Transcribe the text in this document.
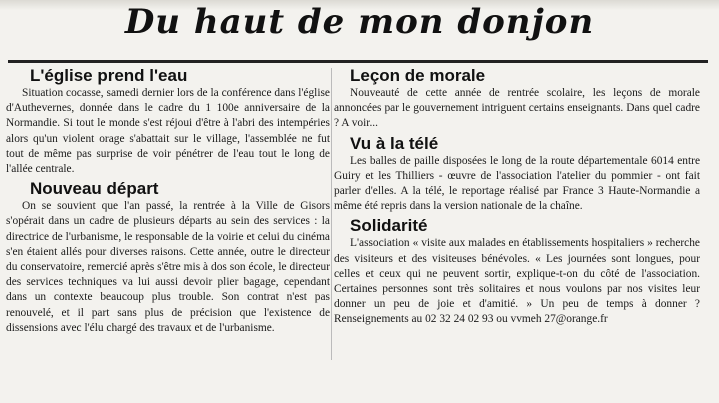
Du haut de mon donjon
L'église prend l'eau

Situation cocasse, samedi dernier lors de la conférence dans l'église d'Authevernes, donnée dans le cadre du 1 100e anniversaire de la Normandie. Si tout le monde s'est réjoui d'être à l'abri des intempéries alors qu'un violent orage s'abattait sur le village, l'assemblée ne fut tout de même pas surprise de voir pénétrer de l'eau tout le long de l'allée centrale.

Nouveau départ

On se souvient que l'an passé, la rentrée à la Ville de Gisors s'opérait dans un cadre de plusieurs départs au sein des services : la directrice de l'urbanisme, le responsable de la voirie et celui du cinéma s'en étaient allés pour diverses raisons. Cette année, outre le directeur du conservatoire, remercié après s'être mis à dos son école, le directeur des services techniques va lui aussi devoir plier bagage, cependant dans un contexte beaucoup plus trouble. Son contrat n'est pas renouvelé, et il part sans plus de précision que l'existence de dissensions avec l'élu chargé des travaux et de l'urbanisme.

Leçon de morale

Nouveauté de cette année de rentrée scolaire, les leçons de morale annoncées par le gouvernement intriguent certains enseignants. Dans quel cadre ? A voir...

Vu à la télé

Les balles de paille disposées le long de la route départementale 6014 entre Guiry et les Thilliers - œuvre de l'association l'atelier du pommier - ont fait parler d'elles. A la télé, le reportage réalisé par France 3 Haute-Normandie a même été repris dans la version nationale de la chaîne.

Solidarité

L'association « visite aux malades en établissements hospitaliers » recherche des visiteurs et des visiteuses bénévoles. « Les journées sont longues, pour celles et ceux qui ne peuvent sortir, explique-t-on du côté de l'association. Certaines personnes sont très solitaires et nous voulons par nos visites leur donner un peu de joie et d'amitié. » Un peu de temps à donner ? Renseignements au 02 32 24 02 93 ou vvmeh 27@orange.fr
